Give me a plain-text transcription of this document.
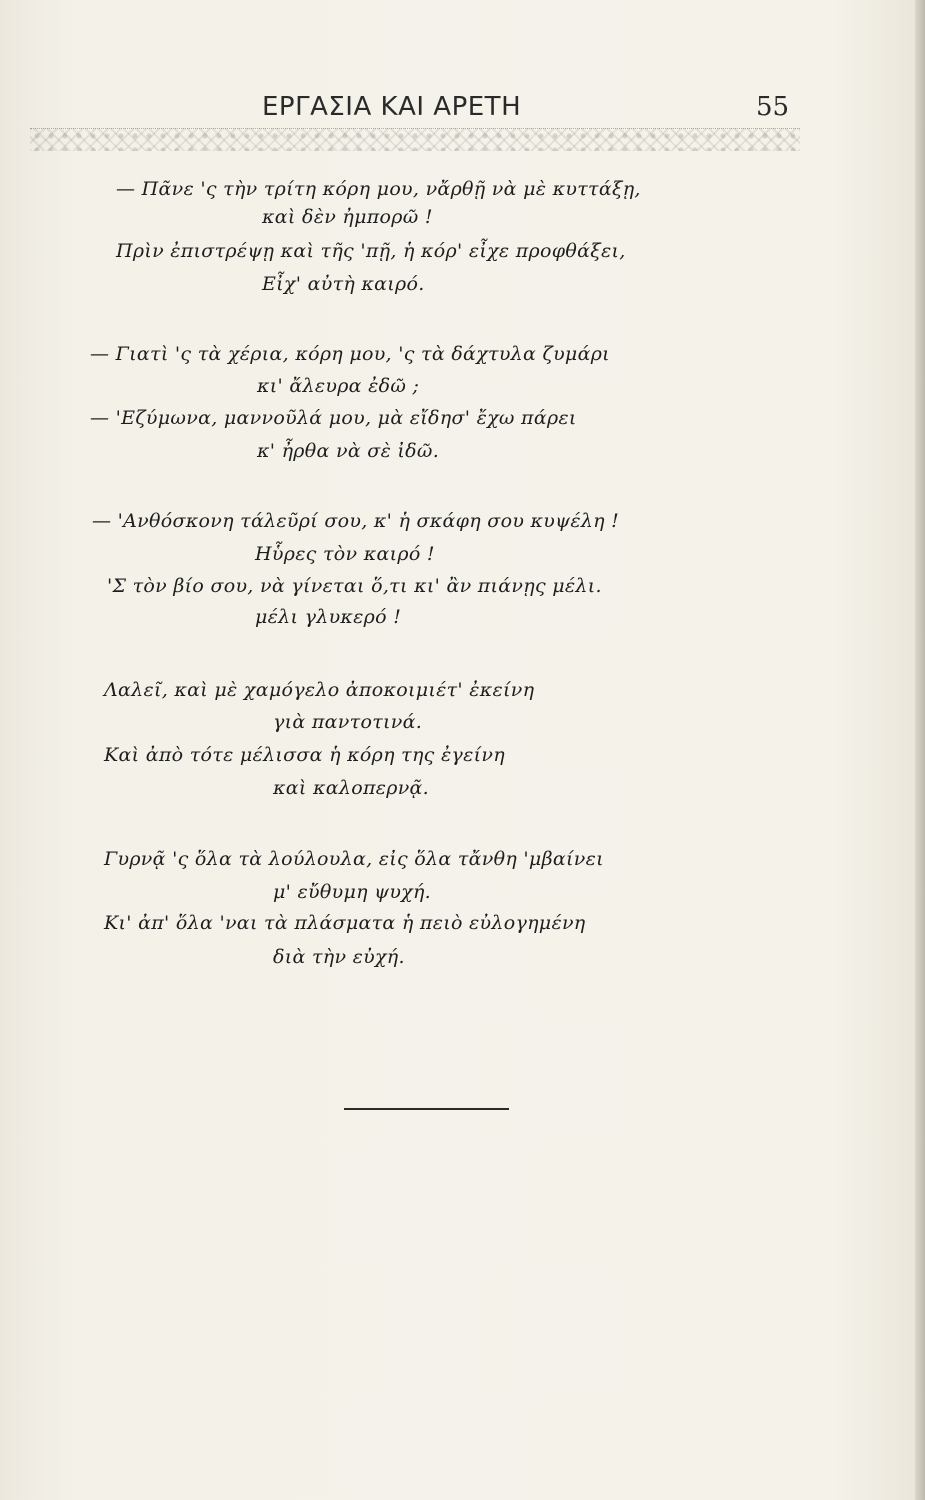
ΕΡΓΑΣΙΑ ΚΑΙ ΑΡΕΤΗ	55
— Πᾶνε 'ς τὴν τρίτη κόρη μου, νἄρθῇ νὰ μὲ κυττάξῃ,
καὶ δὲν ἠμπορῶ !
Πρὶν ἐπιστρέψῃ καὶ τῆς 'πῇ, ἡ κόρ' εἶχε προφθάξει,
Εἶχ' αὐτὴ καιρό.
— Γιατὶ 'ς τὰ χέρια, κόρη μου, 'ς τὰ δάχτυλα ζυμάρι
κι' ἄλευρα ἐδῶ ;
— 'Εζύμωνα, μαννοῦλά μου, μὰ εἴδησ' ἔχω πάρει
κ' ἦρθα νὰ σὲ ἰδῶ.
— 'Ανθόσκονη τάλεῦρί σου, κ' ἡ σκάφη σου κυψέλη !
Ηὗρες τὸν καιρό !
'Σ τὸν βίο σου, νὰ γίνεται ὅ,τι κι' ἂν πιάνῃς μέλι.
μέλι γλυκερό !
Λαλεῖ, καὶ μὲ χαμόγελο ἀποκοιμιέτ' ἐκείνη
γιὰ παντοτινά.
Καὶ ἀπὸ τότε μέλισσα ἡ κόρη της ἐγείνη
καὶ καλοπερνᾷ.
Γυρνᾷ 'ς ὅλα τὰ λούλουλα, εἰς ὅλα τἄνθη 'μβαίνει
μ' εὔθυμη ψυχή.
Κι' ἀπ' ὅλα 'ναι τὰ πλάσματα ἡ πειὸ εὐλογημένη
διὰ τὴν εὐχή.
